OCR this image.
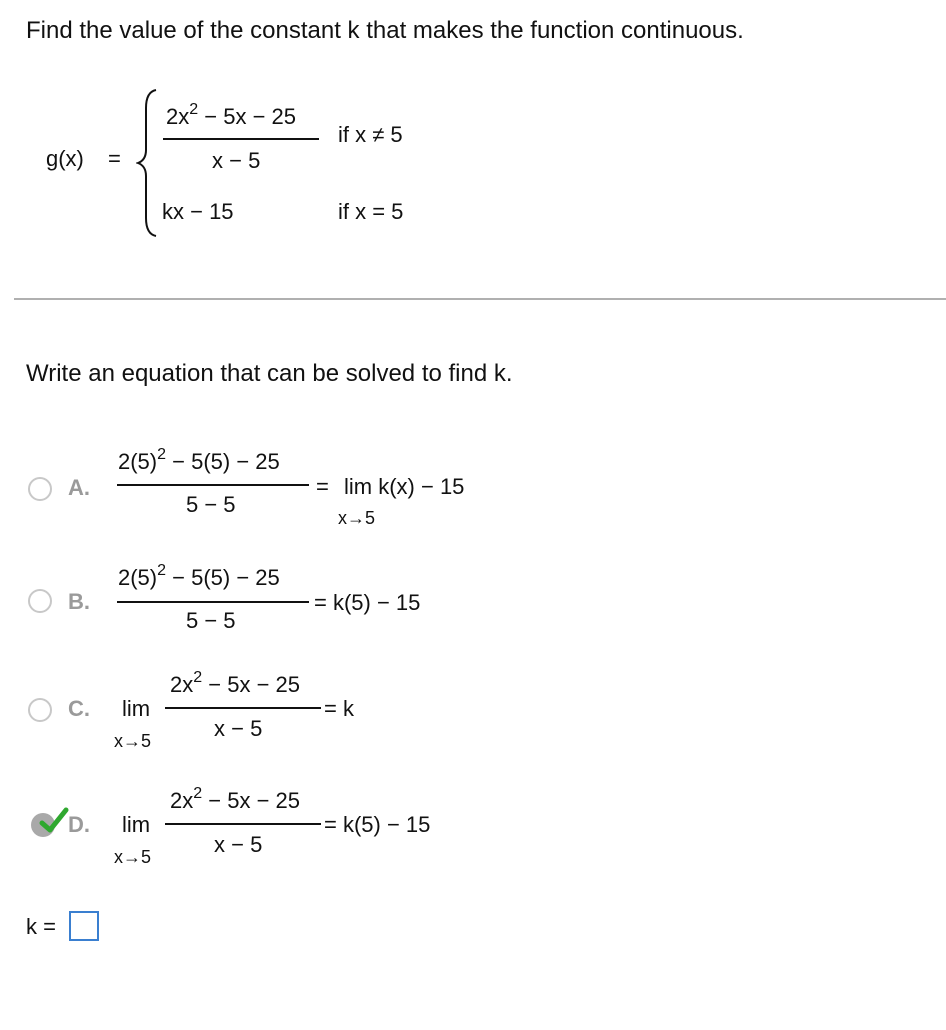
Find the value of the constant k that makes the function continuous.
g(x) =
$2x^2 - 5x - 25$
x − 5
if x ≠ 5
kx − 15	if x = 5
Write an equation that can be solved to find k.
A.
$2(5)^2 - 5(5) - 25$
5 − 5
= lim k(x) − 15
x→5
B.
$2(5)^2 - 5(5) - 25$
5 − 5
= k(5) − 15
C. lim
x→5
$2x^2 - 5x - 25$
x − 5
= k
D. lim
x→5
$2x^2 - 5x - 25$
x − 5
= k(5) − 15
k =
